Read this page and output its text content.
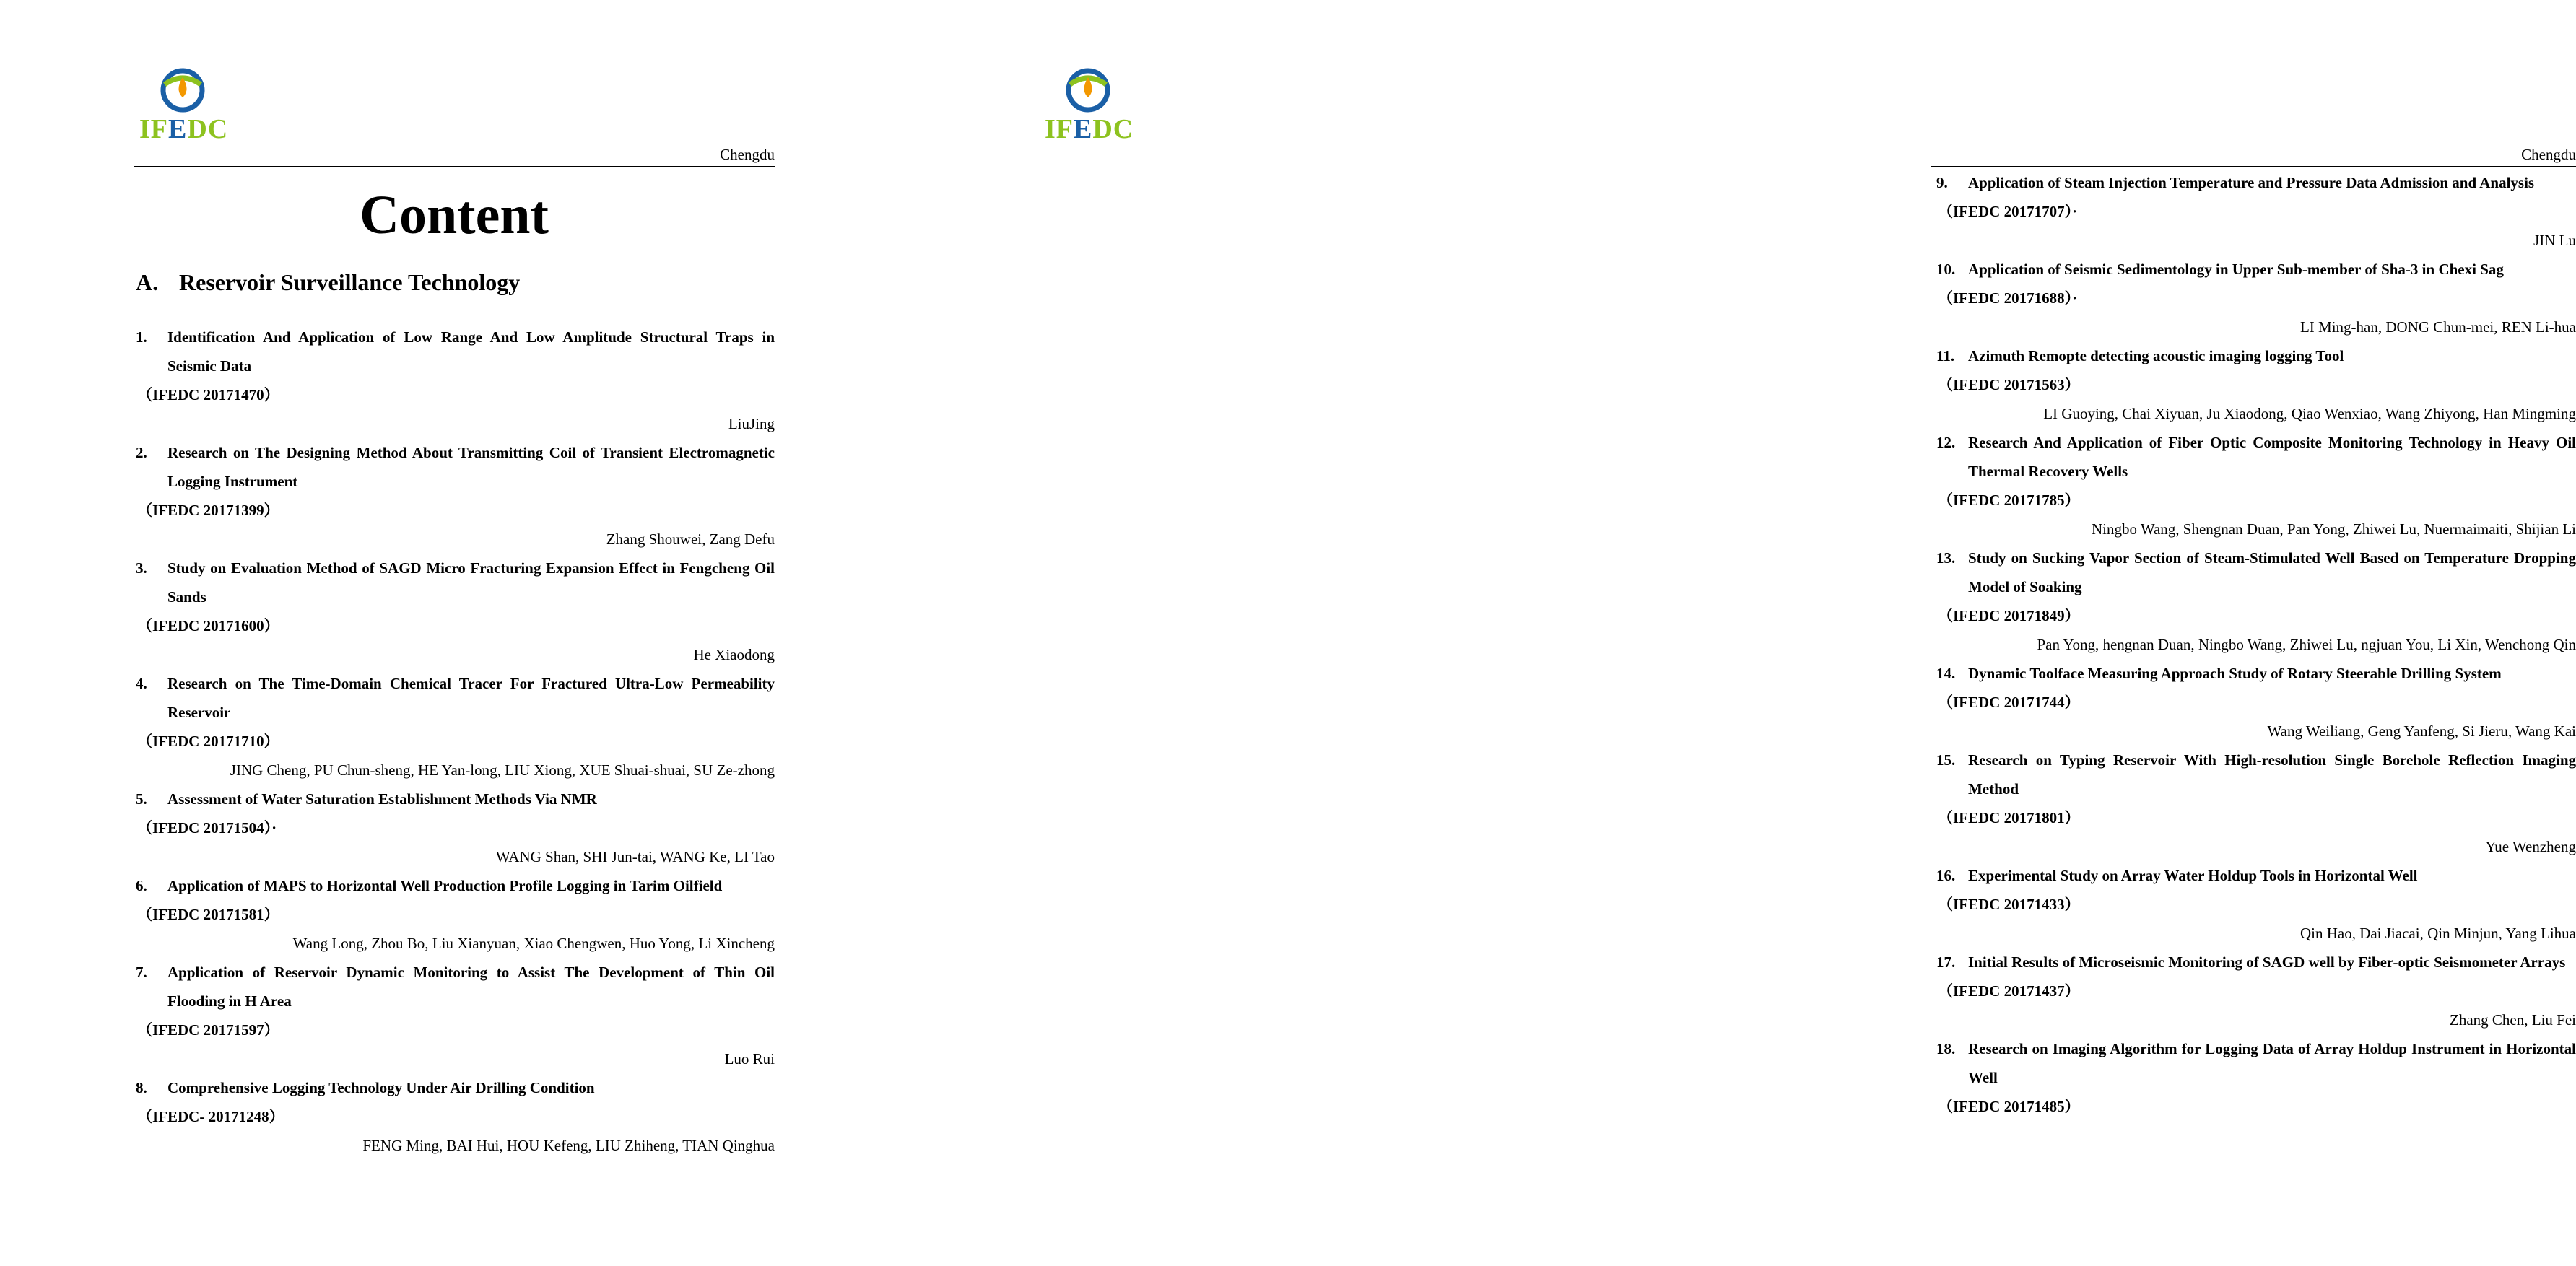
IFEDC
Chengdu
Content
A. Reservoir Surveillance Technology
1.	Identification And Application of Low Range And Low Amplitude Structural Traps in Seismic Data
（IFEDC 20171470）
LiuJing
2.	Research on The Designing Method About Transmitting Coil of Transient Electromagnetic Logging Instrument
（IFEDC 20171399）
Zhang Shouwei, Zang Defu
3.	Study on Evaluation Method of SAGD Micro Fracturing Expansion Effect in Fengcheng Oil Sands
（IFEDC 20171600）
He Xiaodong
4.	Research on The Time-Domain Chemical Tracer For Fractured Ultra-Low Permeability Reservoir
（IFEDC 20171710）
JING Cheng, PU Chun-sheng, HE Yan-long, LIU Xiong, XUE Shuai-shuai, SU Ze-zhong
5.	Assessment of Water Saturation Establishment Methods Via NMR
（IFEDC 20171504）·
WANG Shan, SHI Jun-tai, WANG Ke, LI Tao
6.	Application of MAPS to Horizontal Well Production Profile Logging in Tarim Oilfield
（IFEDC 20171581）
Wang Long, Zhou Bo, Liu Xianyuan, Xiao Chengwen, Huo Yong, Li Xincheng
7.	Application of Reservoir Dynamic Monitoring to Assist The Development of Thin Oil Flooding in H Area
（IFEDC 20171597）
Luo Rui
8.	Comprehensive Logging Technology Under Air Drilling Condition
（IFEDC- 20171248）
FENG Ming, BAI Hui, HOU Kefeng, LIU Zhiheng, TIAN Qinghua
IFEDC
Chengdu
9.	Application of Steam Injection Temperature and Pressure Data Admission and Analysis
（IFEDC 20171707）·
JIN Lu
10. Application of Seismic Sedimentology in Upper Sub-member of Sha-3 in Chexi Sag
（IFEDC 20171688）·
LI Ming-han, DONG Chun-mei, REN Li-hua
11. Azimuth Remopte detecting acoustic imaging logging Tool
（IFEDC 20171563）
LI Guoying, Chai Xiyuan, Ju Xiaodong, Qiao Wenxiao, Wang Zhiyong, Han Mingming
12. Research And Application of Fiber Optic Composite Monitoring Technology in Heavy Oil Thermal Recovery Wells
（IFEDC 20171785）
Ningbo Wang, Shengnan Duan, Pan Yong, Zhiwei Lu, Nuermaimaiti, Shijian Li
13. Study on Sucking Vapor Section of Steam-Stimulated Well Based on Temperature Dropping Model of Soaking
（IFEDC 20171849）
Pan Yong, hengnan Duan, Ningbo Wang, Zhiwei Lu, ngjuan You, Li Xin, Wenchong Qin
14. Dynamic Toolface Measuring Approach Study of Rotary Steerable Drilling System
（IFEDC 20171744）
Wang Weiliang, Geng Yanfeng, Si Jieru, Wang Kai
15. Research on Typing Reservoir With High-resolution Single Borehole Reflection Imaging Method
（IFEDC 20171801）
Yue Wenzheng
16. Experimental Study on Array Water Holdup Tools in Horizontal Well
（IFEDC 20171433）
Qin Hao, Dai Jiacai, Qin Minjun, Yang Lihua
17. Initial Results of Microseismic Monitoring of SAGD well by Fiber-optic Seismometer Arrays
（IFEDC 20171437）
Zhang Chen, Liu Fei
18. Research on Imaging Algorithm for Logging Data of Array Holdup Instrument in Horizontal Well
（IFEDC 20171485）
